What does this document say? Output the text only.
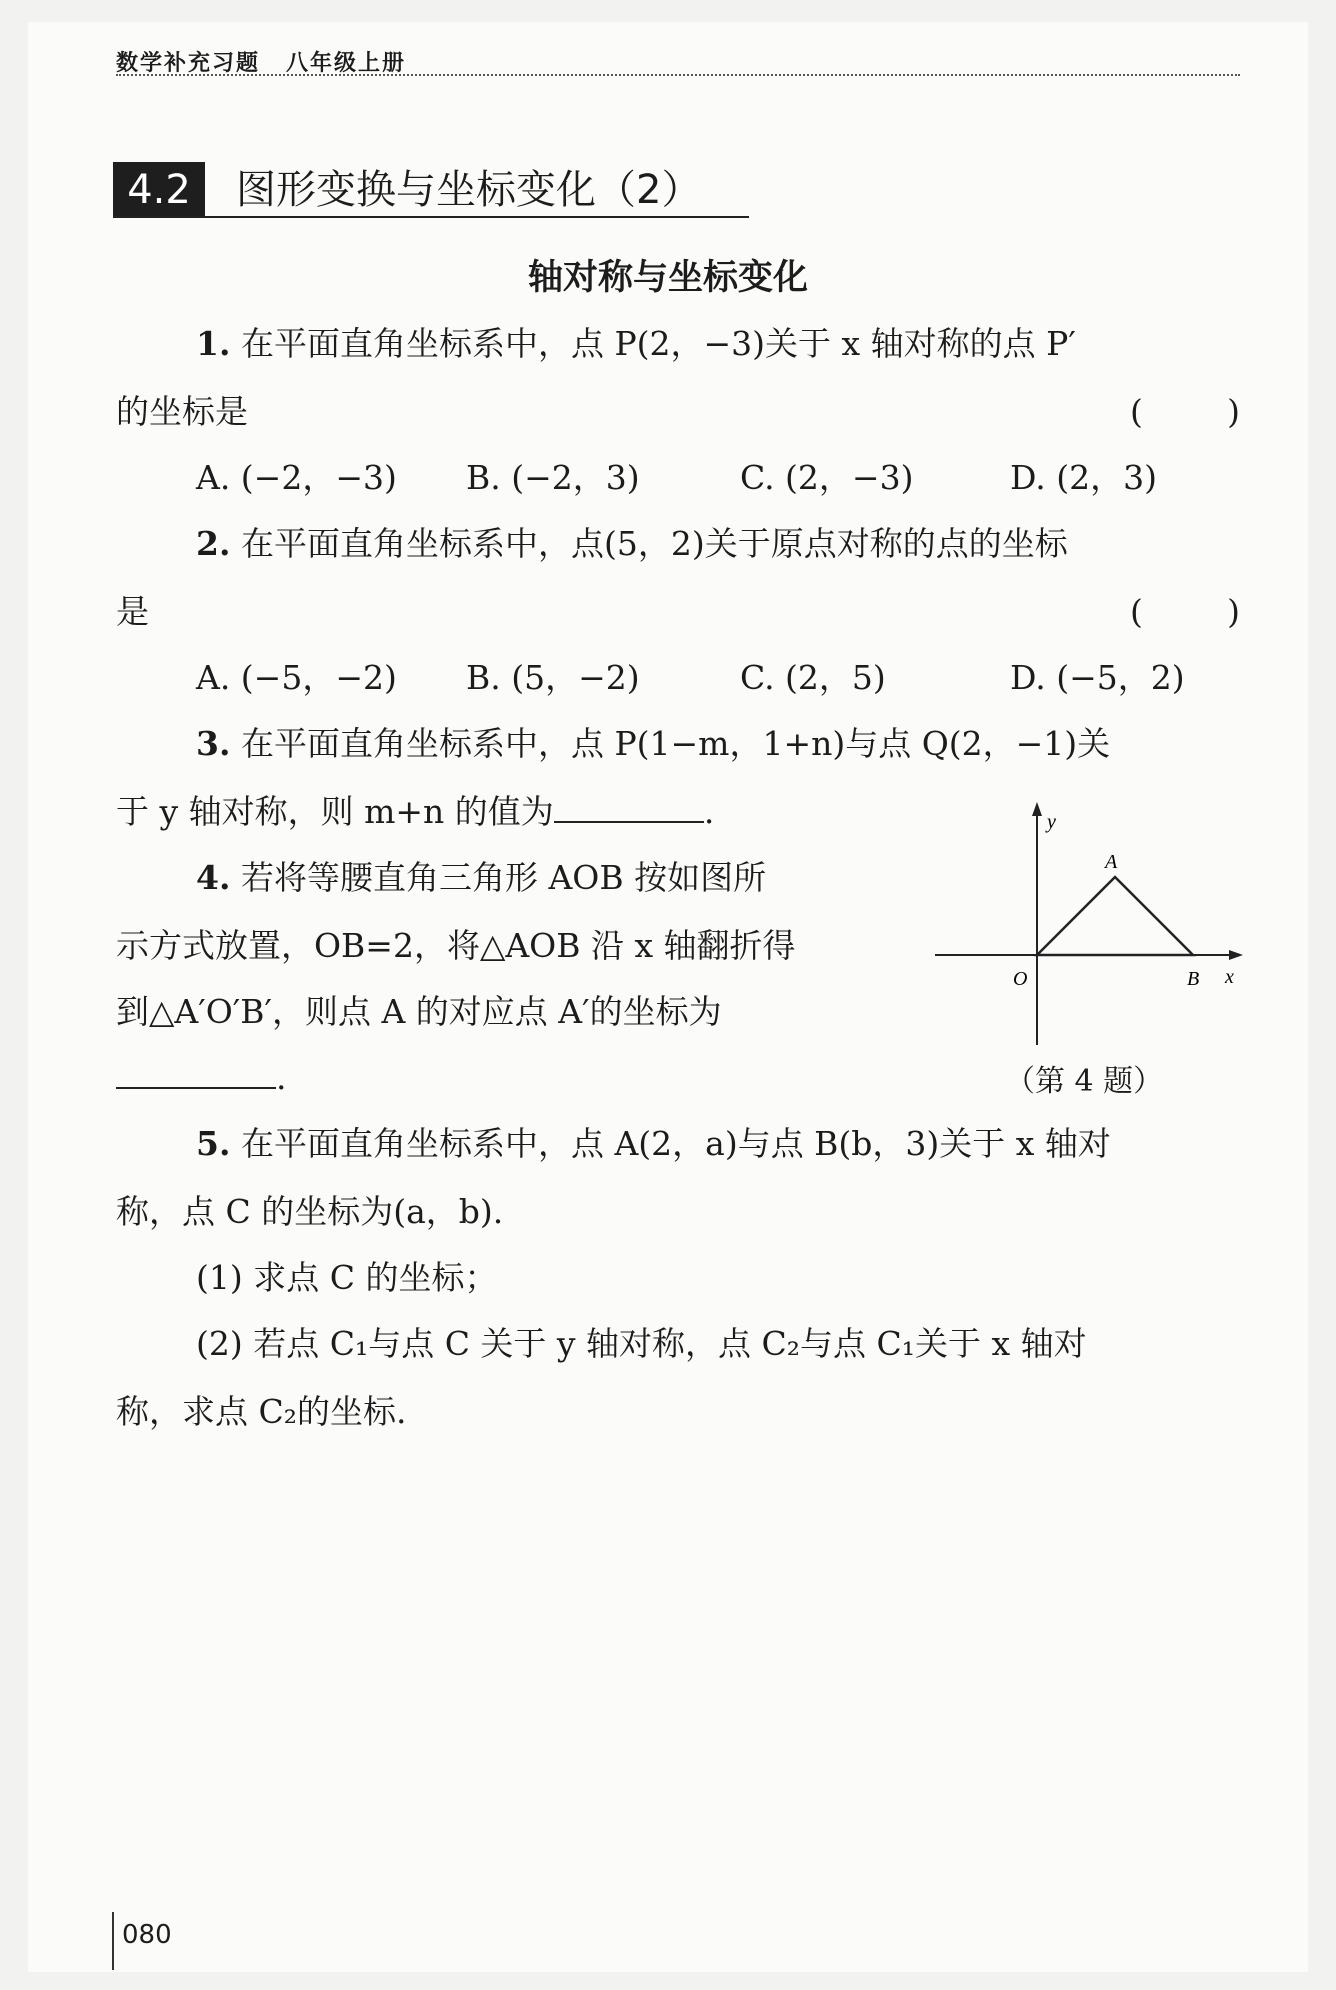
数学补充习题 八年级上册
4.2	图形变换与坐标变化（2）
轴对称与坐标变化
1. 在平面直角坐标系中，点 P(2，−3)关于 x 轴对称的点 P′
的坐标是	(	)
A. (−2，−3) B. (−2，3)	C. (2，−3)	D. (2，3)
2. 在平面直角坐标系中，点(5，2)关于原点对称的点的坐标
是	(	)
A. (−5，−2) B. (5，−2)	C. (2，5)	D. (−5，2)
3. 在平面直角坐标系中，点 P(1−m，1+n)与点 Q(2，−1)关
于 y 轴对称，则 m+n 的值为	.
4. 若将等腰直角三角形 AOB 按如图所
示方式放置，OB=2，将△AOB 沿 x 轴翻折得
到△A′O′B′，则点 A 的对应点 A′的坐标为
.
y
x
O
A
B
（第 4 题）
5. 在平面直角坐标系中，点 A(2，a)与点 B(b，3)关于 x 轴对
称，点 C 的坐标为(a，b).
(1) 求点 C 的坐标；
(2) 若点 C₁与点 C 关于 y 轴对称，点 C₂与点 C₁关于 x 轴对
称，求点 C₂的坐标.
080
